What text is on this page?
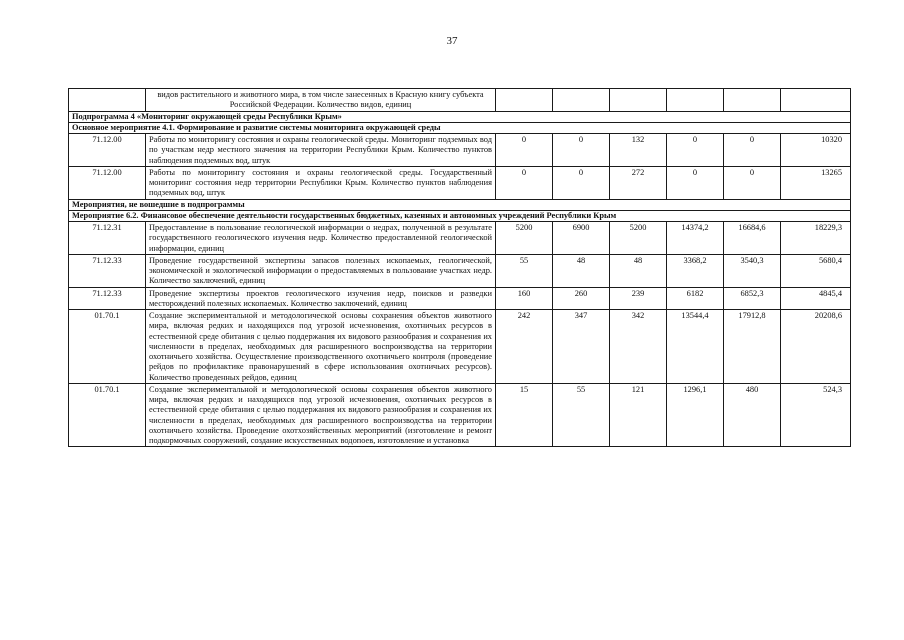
37
	видов растительного и животного мира, в том числе занесенных в Красную книгу субъекта Российской Федерации. Количество видов, единиц						
Подпрограмма 4 «Мониторинг окружающей среды Республики Крым»							
Основное мероприятие 4.1. Формирование и развитие системы мониторинга окружающей среды							
71.12.00	Работы по мониторингу состояния и охраны геологической среды. Мониторинг подземных вод по участкам недр местного значения на территории Республики Крым. Количество пунктов наблюдения подземных вод, штук	0	0	132	0	0	10320
71.12.00	Работы по мониторингу состояния и охраны геологической среды. Государственный мониторинг состояния недр территории Республики Крым. Количество пунктов наблюдения подземных вод, штук	0	0	272	0	0	13265
Мероприятия, не вошедшие в подпрограммы							
Мероприятие 6.2. Финансовое обеспечение деятельности государственных бюджетных, казенных и автономных учреждений Республики Крым							
71.12.31	Предоставление в пользование геологической информации о недрах, полученной в результате государственного геологического изучения недр. Количество предоставленной геологической информации, единиц	5200	6900	5200	14374,2	16684,6	18229,3
71.12.33	Проведение государственной экспертизы запасов полезных ископаемых, геологической, экономической и экологической информации о предоставляемых в пользование участках недр. Количество заключений, единиц	55	48	48	3368,2	3540,3	5680,4
71.12.33	Проведение экспертизы проектов геологического изучения недр, поисков и разведки месторождений полезных ископаемых. Количество заключений, единиц	160	260	239	6182	6852,3	4845,4
01.70.1	Создание экспериментальной и методологической основы сохранения объектов животного мира, включая редких и находящихся под угрозой исчезновения, охотничьих ресурсов в естественной среде обитания с целью поддержания их видового разнообразия и сохранения их численности в пределах, необходимых для расширенного воспроизводства на территории охотничьего хозяйства. Осуществление производственного охотничьего контроля (проведение рейдов по профилактике правонарушений в сфере использования охотничьих ресурсов). Количество проведенных рейдов, единиц	242	347	342	13544,4	17912,8	20208,6
01.70.1	Создание экспериментальной и методологической основы сохранения объектов животного мира, включая редких и находящихся под угрозой исчезновения, охотничьих ресурсов в естественной среде обитания с целью поддержания их видового разнообразия и сохранения их численности в пределах, необходимых для расширенного воспроизводства на территории охотничьего хозяйства. Проведение охотхозяйственных мероприятий (изготовление и ремонт подкормочных сооружений, создание искусственных водопоев, изготовление и установка	15	55	121	1296,1	480	524,3
